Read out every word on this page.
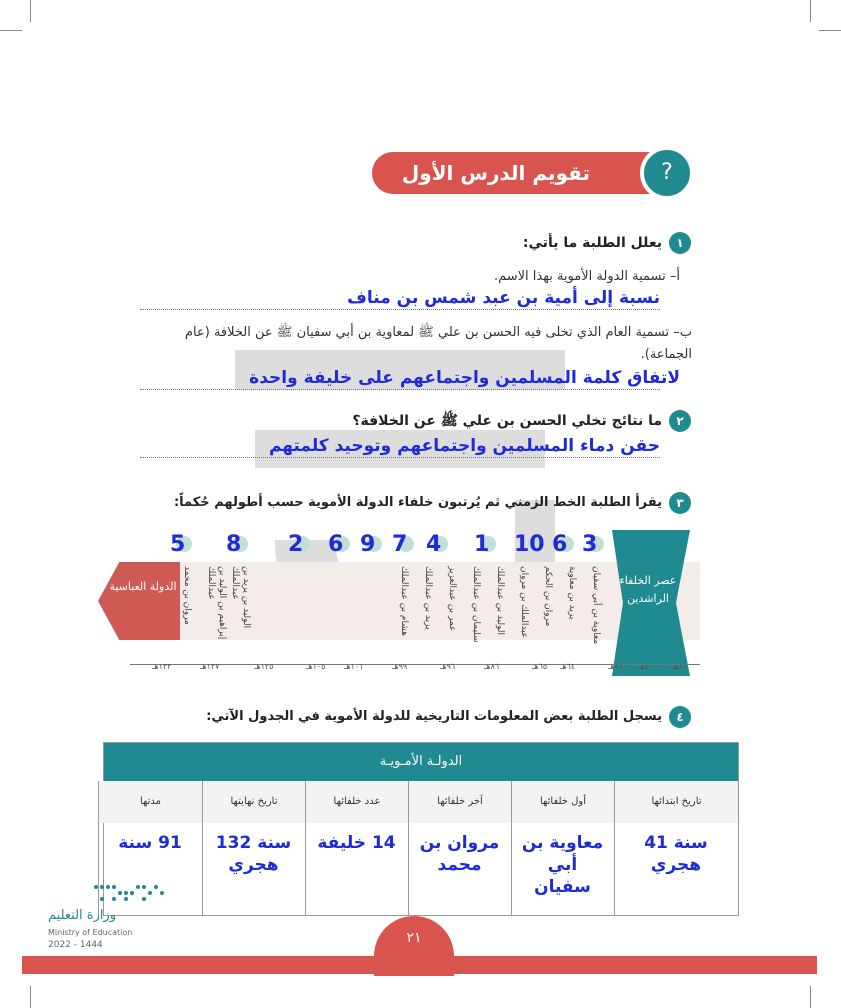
تقويم الدرس الأول	?
١
يعلل الطلبة ما يأتي:
أ– تسمية الدولة الأموية بهذا الاسم.
نسبة إلى أمية بن عبد شمس بن مناف
ب– تسمية العام الذي تخلى فيه الحسن بن علي ﷺ لمعاوية بن أبي سفيان ﷺ عن الخلافة (عام الجماعة).
لاتفاق كلمة المسلمين واجتماعهم على خليفة واحدة
٢
ما نتائج تخلي الحسن بن علي ﷺ عن الخلافة؟
حقن دماء المسلمين واجتماعهم وتوحيد كلمتهم
٣
يقرأ الطلبة الخط الزمني ثم يُرتبون خلفاء الدولة الأموية حسب أطولهم حُكماً:
الدولة العباسية	عصر الخلفاء الراشدين
معاوية بن أبي سفيان
يزيد بن معاوية
مروان بن الحكم
عبدالملك بن مروان
الوليد بن عبدالملك
سليمان بن عبدالملك
عمر بن عبدالعزيز
يزيد بن عبدالملك
هشام بن عبدالملك
الوليد بن يزيد بن عبدالملك
إبراهيم بن الوليد بن عبدالملك
مروان بن محمد
3
6
10
1
4
7
9
6
2
8
5
١١هـ
٤٠هـ
٤١هـ
٦٤هـ
٦٥هـ
٨٦هـ
٩٦هـ
٩٩هـ
١٠١هـ
١٠٥هـ
١٢٥هـ
١٢٧هـ
١٣٢هـ
٤
يسجل الطلبة بعض المعلومات التاريخية للدولة الأموية في الجدول الآتي:
الدولـة الأمـويـة
تاريخ ابتدائها
سنة 41 هجري
أول خلفائها
معاوية بن أبي سفيان
آخر خلفائها
مروان بن محمد
عدد خلفائها
14 خليفة
تاريخ نهايتها
سنة 132 هجري
مدتها
91 سنة
٢١
وزارة التعليم
Ministry of Education
2022 - 1444
